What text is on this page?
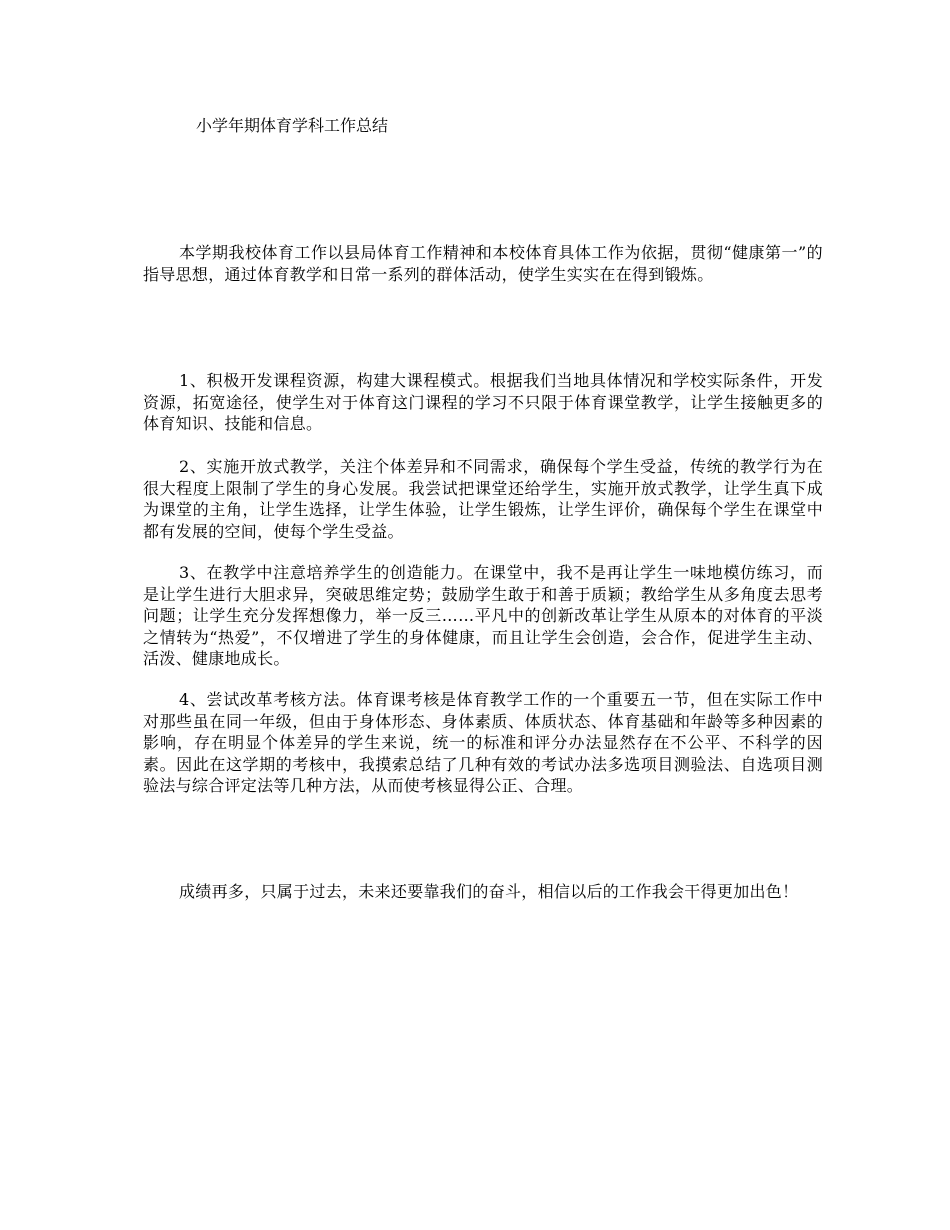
小学年期体育学科工作总结

本学期我校体育工作以县局体育工作精神和本校体育具体工作为依据，贯彻“健康第一”的指导思想，通过体育教学和日常一系列的群体活动，使学生实实在在得到锻炼。

1、积极开发课程资源，构建大课程模式。根据我们当地具体情况和学校实际条件，开发资源，拓宽途径，使学生对于体育这门课程的学习不只限于体育课堂教学，让学生接触更多的体育知识、技能和信息。

2、实施开放式教学，关注个体差异和不同需求，确保每个学生受益，传统的教学行为在很大程度上限制了学生的身心发展。我尝试把课堂还给学生，实施开放式教学，让学生真下成为课堂的主角，让学生选择，让学生体验，让学生锻炼，让学生评价，确保每个学生在课堂中都有发展的空间，使每个学生受益。

3、在教学中注意培养学生的创造能力。在课堂中，我不是再让学生一味地模仿练习，而是让学生进行大胆求异，突破思维定势；鼓励学生敢于和善于质颖；教给学生从多角度去思考问题；让学生充分发挥想像力，举一反三……平凡中的创新改革让学生从原本的对体育的平淡之情转为“热爱”，不仅增进了学生的身体健康，而且让学生会创造，会合作，促进学生主动、活泼、健康地成长。

4、尝试改革考核方法。体育课考核是体育教学工作的一个重要五一节，但在实际工作中对那些虽在同一年级，但由于身体形态、身体素质、体质状态、体育基础和年龄等多种因素的影响，存在明显个体差异的学生来说，统一的标准和评分办法显然存在不公平、不科学的因素。因此在这学期的考核中，我摸索总结了几种有效的考试办法多选项目测验法、自选项目测验法与综合评定法等几种方法，从而使考核显得公正、合理。

成绩再多，只属于过去，未来还要靠我们的奋斗，相信以后的工作我会干得更加出色！
